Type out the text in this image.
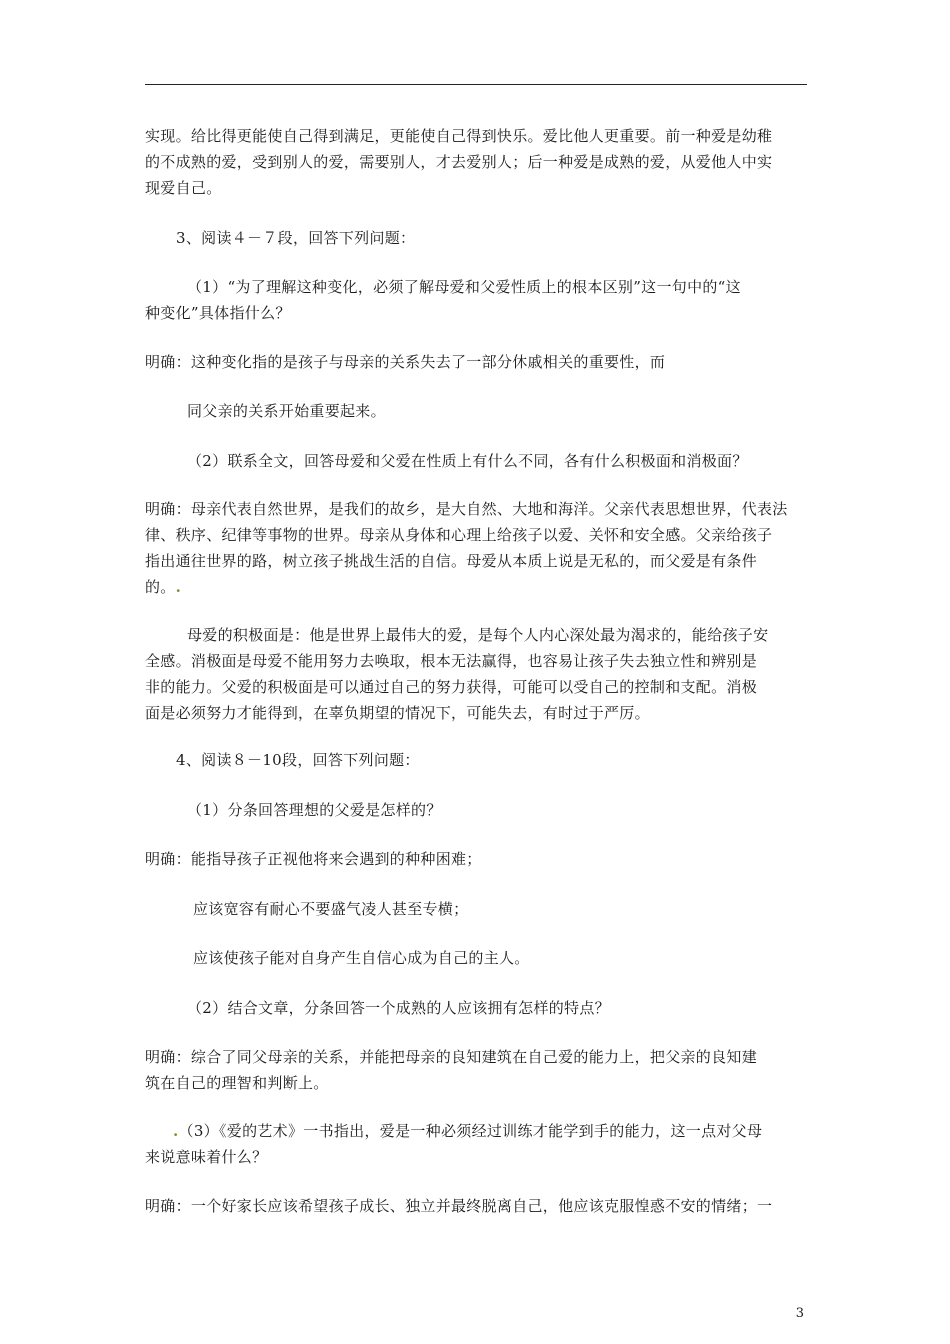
实现。给比得更能使自己得到满足，更能使自己得到快乐。爱比他人更重要。前一种爱是幼稚
的不成熟的爱，受到别人的爱，需要别人，才去爱别人；后一种爱是成熟的爱，从爱他人中实
现爱自己。
3、阅读４－７段，回答下列问题：
（1）“为了理解这种变化，必须了解母爱和父爱性质上的根本区别”这一句中的“这
种变化”具体指什么？
明确：这种变化指的是孩子与母亲的关系失去了一部分休戚相关的重要性，而
同父亲的关系开始重要起来。
（2）联系全文，回答母爱和父爱在性质上有什么不同，各有什么积极面和消极面？
明确：母亲代表自然世界，是我们的故乡，是大自然、大地和海洋。父亲代表思想世界，代表法
律、秩序、纪律等事物的世界。母亲从身体和心理上给孩子以爱、关怀和安全感。父亲给孩子
指出通往世界的路，树立孩子挑战生活的自信。母爱从本质上说是无私的，而父爱是有条件
的。.
母爱的积极面是：他是世界上最伟大的爱，是每个人内心深处最为渴求的，能给孩子安
全感。消极面是母爱不能用努力去唤取，根本无法赢得，也容易让孩子失去独立性和辨别是
非的能力。父爱的积极面是可以通过自己的努力获得，可能可以受自己的控制和支配。消极
面是必须努力才能得到，在辜负期望的情况下，可能失去，有时过于严厉。
4、阅读８－10段，回答下列问题：
（1）分条回答理想的父爱是怎样的？
明确：能指导孩子正视他将来会遇到的种种困难；
应该宽容有耐心不要盛气凌人甚至专横；
应该使孩子能对自身产生自信心成为自己的主人。
（2）结合文章，分条回答一个成熟的人应该拥有怎样的特点？
明确：综合了同父母亲的关系，并能把母亲的良知建筑在自己爱的能力上，把父亲的良知建
筑在自己的理智和判断上。
.（3）《爱的艺术》一书指出，爱是一种必须经过训练才能学到手的能力，这一点对父母
来说意味着什么？
明确：一个好家长应该希望孩子成长、独立并最终脱离自己，他应该克服惶惑不安的情绪；一
3
